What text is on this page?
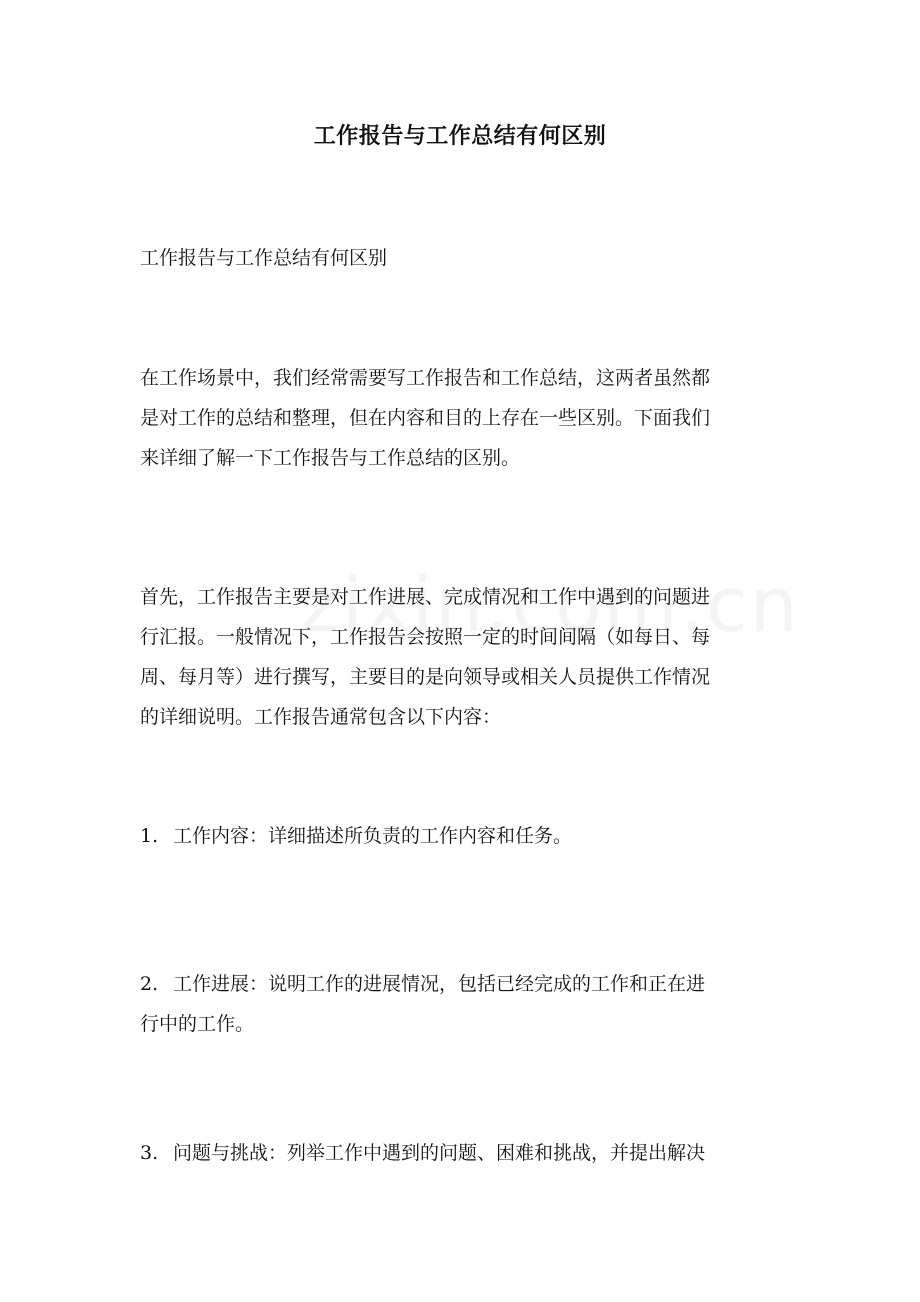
工作报告与工作总结有何区别
工作报告与工作总结有何区别
在工作场景中，我们经常需要写工作报告和工作总结，这两者虽然都
是对工作的总结和整理，但在内容和目的上存在一些区别。下面我们
来详细了解一下工作报告与工作总结的区别。
首先，工作报告主要是对工作进展、完成情况和工作中遇到的问题进
行汇报。一般情况下，工作报告会按照一定的时间间隔（如每日、每
周、每月等）进行撰写，主要目的是向领导或相关人员提供工作情况
的详细说明。工作报告通常包含以下内容：
1. 工作内容：详细描述所负责的工作内容和任务。
2. 工作进展：说明工作的进展情况，包括已经完成的工作和正在进
行中的工作。
3. 问题与挑战：列举工作中遇到的问题、困难和挑战，并提出解决
